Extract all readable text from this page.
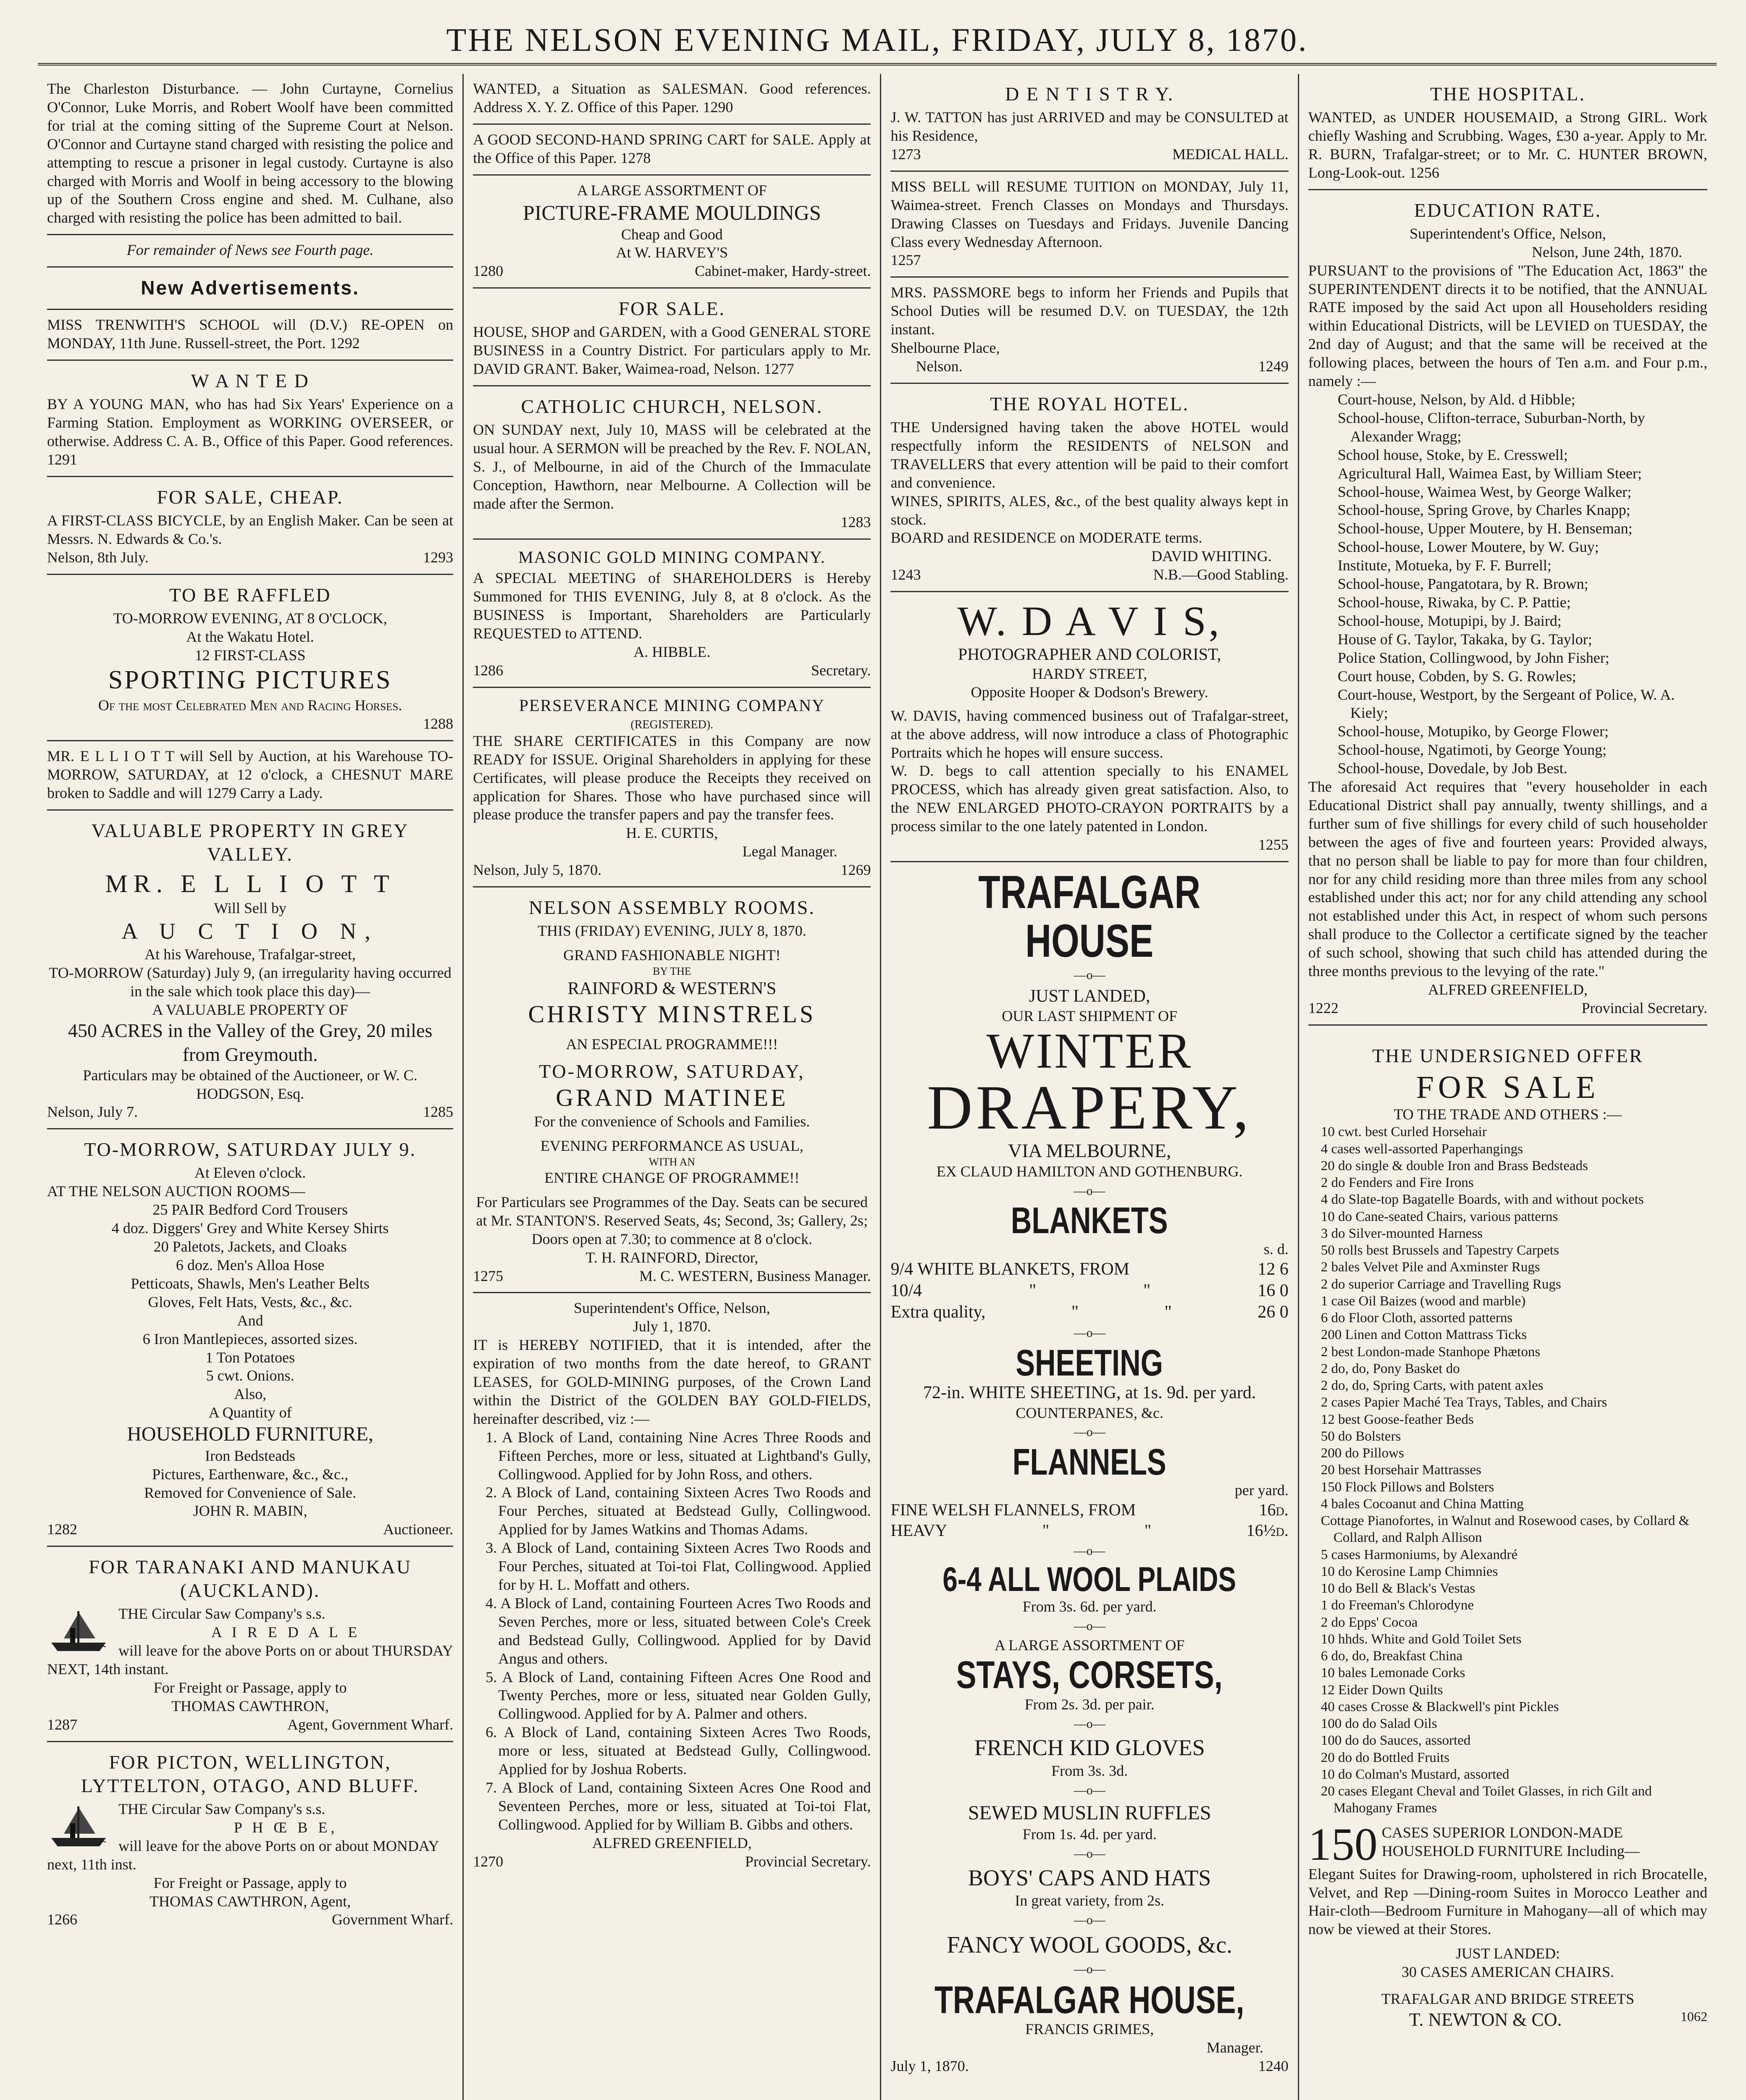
THE NELSON EVENING MAIL, FRIDAY, JULY 8, 1870.
The Charleston Disturbance. — John Curtayne, Cornelius O'Connor, Luke Morris, and Robert Woolf have been committed for trial at the coming sitting of the Supreme Court at Nelson. O'Connor and Curtayne stand charged with resisting the police and attempting to rescue a prisoner in legal custody. Curtayne is also charged with Morris and Woolf in being accessory to the blowing up of the Southern Cross engine and shed. M. Culhane, also charged with resisting the police has been admitted to bail.
For remainder of News see Fourth page.
New Advertisements.
MISS TRENWITH'S SCHOOL will (D.V.) RE-OPEN on MONDAY, 11th June. Russell-street, the Port. 1292
W A N T E D
BY A YOUNG MAN, who has had Six Years' Experience on a Farming Station. Employment as WORKING OVERSEER, or otherwise. Address C. A. B., Office of this Paper. Good references. 1291
FOR SALE, CHEAP.
A FIRST-CLASS BICYCLE, by an English Maker. Can be seen at Messrs. N. Edwards & Co.'s.
Nelson, 8th July.	1293
TO BE RAFFLED
TO-MORROW EVENING, AT 8 O'CLOCK,
At the Wakatu Hotel.
12 FIRST-CLASS
SPORTING PICTURES
Of the most Celebrated Men and Racing Horses.
1288
MR. E L L I O T T will Sell by Auction, at his Warehouse TO-MORROW, SATURDAY, at 12 o'clock, a CHESNUT MARE broken to Saddle and will 1279 Carry a Lady.
VALUABLE PROPERTY IN GREY VALLEY.
MR. E L L I O T T
Will Sell by
A U C T I O N,
At his Warehouse, Trafalgar-street,
TO-MORROW (Saturday) July 9, (an irregularity having occurred in the sale which took place this day)—
A VALUABLE PROPERTY OF
450 ACRES in the Valley of the Grey, 20 miles from Greymouth.
Particulars may be obtained of the Auctioneer, or W. C. HODGSON, Esq.
Nelson, July 7.	1285
TO-MORROW, SATURDAY JULY 9.
At Eleven o'clock.
AT THE NELSON AUCTION ROOMS—
25 PAIR Bedford Cord Trousers
4 doz. Diggers' Grey and White Kersey Shirts
20 Paletots, Jackets, and Cloaks
6 doz. Men's Alloa Hose
Petticoats, Shawls, Men's Leather Belts
Gloves, Felt Hats, Vests, &c., &c.
And
6 Iron Mantlepieces, assorted sizes.
1 Ton Potatoes
5 cwt. Onions.
Also,
A Quantity of
HOUSEHOLD FURNITURE,
Iron Bedsteads
Pictures, Earthenware, &c., &c.,
Removed for Convenience of Sale.
JOHN R. MABIN,
1282	Auctioneer.
FOR TARANAKI AND MANUKAU (AUCKLAND).
THE Circular Saw Company's s.s.
A I R E D A L E
will leave for the above Ports on or about THURSDAY NEXT, 14th instant.
For Freight or Passage, apply to
THOMAS CAWTHRON,
1287	Agent, Government Wharf.
FOR PICTON, WELLINGTON, LYTTELTON, OTAGO, AND BLUFF.
THE Circular Saw Company's s.s.
P H Œ B E,
will leave for the above Ports on or about MONDAY next, 11th inst.
For Freight or Passage, apply to
THOMAS CAWTHRON, Agent,
1266	Government Wharf.
WANTED, a Situation as SALESMAN. Good references. Address X. Y. Z. Office of this Paper. 1290
A GOOD SECOND-HAND SPRING CART for SALE. Apply at the Office of this Paper. 1278
A LARGE ASSORTMENT OF
PICTURE-FRAME MOULDINGS
Cheap and Good
At W. HARVEY'S
1280	Cabinet-maker, Hardy-street.
FOR SALE.
HOUSE, SHOP and GARDEN, with a Good GENERAL STORE BUSINESS in a Country District. For particulars apply to Mr. DAVID GRANT. Baker, Waimea-road, Nelson. 1277
CATHOLIC CHURCH, NELSON.
ON SUNDAY next, July 10, MASS will be celebrated at the usual hour. A SERMON will be preached by the Rev. F. NOLAN, S. J., of Melbourne, in aid of the Church of the Immaculate Conception, Hawthorn, near Melbourne. A Collection will be made after the Sermon.
1283
MASONIC GOLD MINING COMPANY.
A SPECIAL MEETING of SHAREHOLDERS is Hereby Summoned for THIS EVENING, July 8, at 8 o'clock. As the BUSINESS is Important, Shareholders are Particularly REQUESTED to ATTEND.
A. HIBBLE.
1286	Secretary.
PERSEVERANCE MINING COMPANY
(REGISTERED).
THE SHARE CERTIFICATES in this Company are now READY for ISSUE. Original Shareholders in applying for these Certificates, will please produce the Receipts they received on application for Shares. Those who have purchased since will please produce the transfer papers and pay the transfer fees.
H. E. CURTIS,
Legal Manager.
Nelson, July 5, 1870.	1269
NELSON ASSEMBLY ROOMS.
THIS (FRIDAY) EVENING, JULY 8, 1870.
GRAND FASHIONABLE NIGHT!
BY THE
RAINFORD & WESTERN'S
CHRISTY MINSTRELS
AN ESPECIAL PROGRAMME!!!
TO-MORROW, SATURDAY,
GRAND MATINEE
For the convenience of Schools and Families.
EVENING PERFORMANCE AS USUAL,
WITH AN
ENTIRE CHANGE OF PROGRAMME!!
For Particulars see Programmes of the Day. Seats can be secured at Mr. STANTON'S. Reserved Seats, 4s; Second, 3s; Gallery, 2s; Doors open at 7.30; to commence at 8 o'clock.
T. H. RAINFORD, Director,
1275	M. C. WESTERN, Business Manager.
Superintendent's Office, Nelson,
July 1, 1870.
IT is HEREBY NOTIFIED, that it is intended, after the expiration of two months from the date hereof, to GRANT LEASES, for GOLD-MINING purposes, of the Crown Land within the District of the GOLDEN BAY GOLD-FIELDS, hereinafter described, viz :—
1. A Block of Land, containing Nine Acres Three Roods and Fifteen Perches, more or less, situated at Lightband's Gully, Collingwood. Applied for by John Ross, and others.
2. A Block of Land, containing Sixteen Acres Two Roods and Four Perches, situated at Bedstead Gully, Collingwood. Applied for by James Watkins and Thomas Adams.
3. A Block of Land, containing Sixteen Acres Two Roods and Four Perches, situated at Toi-toi Flat, Collingwood. Applied for by H. L. Moffatt and others.
4. A Block of Land, containing Fourteen Acres Two Roods and Seven Perches, more or less, situated between Cole's Creek and Bedstead Gully, Collingwood. Applied for by David Angus and others.
5. A Block of Land, containing Fifteen Acres One Rood and Twenty Perches, more or less, situated near Golden Gully, Collingwood. Applied for by A. Palmer and others.
6. A Block of Land, containing Sixteen Acres Two Roods, more or less, situated at Bedstead Gully, Collingwood. Applied for by Joshua Roberts.
7. A Block of Land, containing Sixteen Acres One Rood and Seventeen Perches, more or less, situated at Toi-toi Flat, Collingwood. Applied for by William B. Gibbs and others.
ALFRED GREENFIELD,
1270	Provincial Secretary.
D E N T I S T R Y.
J. W. TATTON has just ARRIVED and may be CONSULTED at his Residence,
1273	MEDICAL HALL.
MISS BELL will RESUME TUITION on MONDAY, July 11, Waimea-street. French Classes on Mondays and Thursdays. Drawing Classes on Tuesdays and Fridays. Juvenile Dancing Class every Wednesday Afternoon.
1257
MRS. PASSMORE begs to inform her Friends and Pupils that School Duties will be resumed D.V. on TUESDAY, the 12th instant.
Shelbourne Place,
Nelson.	1249
THE ROYAL HOTEL.
THE Undersigned having taken the above HOTEL would respectfully inform the RESIDENTS of NELSON and TRAVELLERS that every attention will be paid to their comfort and convenience.
WINES, SPIRITS, ALES, &c., of the best quality always kept in stock.
BOARD and RESIDENCE on MODERATE terms.
DAVID WHITING.
1243	N.B.—Good Stabling.
W. D A V I S,
PHOTOGRAPHER AND COLORIST,
HARDY STREET,
Opposite Hooper & Dodson's Brewery.
W. DAVIS, having commenced business out of Trafalgar-street, at the above address, will now introduce a class of Photographic Portraits which he hopes will ensure success.
W. D. begs to call attention specially to his ENAMEL PROCESS, which has already given great satisfaction. Also, to the NEW ENLARGED PHOTO-CRAYON PORTRAITS by a process similar to the one lately patented in London.
1255
TRAFALGAR HOUSE
—o—
JUST LANDED,
OUR LAST SHIPMENT OF
WINTER
DRAPERY,
VIA MELBOURNE,
EX CLAUD HAMILTON AND GOTHENBURG.
—o—
BLANKETS
s. d.
9/4 WHITE BLANKETS, FROM	12 6
10/4	"	"	16 0
Extra quality,	"	"	26 0
—o—
SHEETING
72-in. WHITE SHEETING, at 1s. 9d. per yard.
COUNTERPANES, &c.
—o—
FLANNELS
per yard.
FINE WELSH FLANNELS, FROM	16d.
HEAVY	"	"	16½d.
—o—
6-4 ALL WOOL PLAIDS
From 3s. 6d. per yard.
—o—
A LARGE ASSORTMENT OF
STAYS, CORSETS,
From 2s. 3d. per pair.
—o—
FRENCH KID GLOVES
From 3s. 3d.
—o—
SEWED MUSLIN RUFFLES
From 1s. 4d. per yard.
—o—
BOYS' CAPS AND HATS
In great variety, from 2s.
—o—
FANCY WOOL GOODS, &c.
—o—
TRAFALGAR HOUSE,
FRANCIS GRIMES,
Manager.
July 1, 1870.	1240
THE HOSPITAL.
WANTED, as UNDER HOUSEMAID, a Strong GIRL. Work chiefly Washing and Scrubbing. Wages, £30 a-year. Apply to Mr. R. BURN, Trafalgar-street; or to Mr. C. HUNTER BROWN, Long-Look-out. 1256
EDUCATION RATE.
Superintendent's Office, Nelson,
Nelson, June 24th, 1870.
PURSUANT to the provisions of "The Education Act, 1863" the SUPERINTENDENT directs it to be notified, that the ANNUAL RATE imposed by the said Act upon all Householders residing within Educational Districts, will be LEVIED on TUESDAY, the 2nd day of August; and that the same will be received at the following places, between the hours of Ten a.m. and Four p.m., namely :—
Court-house, Nelson, by Ald. d Hibble;
School-house, Clifton-terrace, Suburban-North, by Alexander Wragg;
School house, Stoke, by E. Cresswell;
Agricultural Hall, Waimea East, by William Steer;
School-house, Waimea West, by George Walker;
School-house, Spring Grove, by Charles Knapp;
School-house, Upper Moutere, by H. Benseman;
School-house, Lower Moutere, by W. Guy;
Institute, Motueka, by F. F. Burrell;
School-house, Pangatotara, by R. Brown;
School-house, Riwaka, by C. P. Pattie;
School-house, Motupipi, by J. Baird;
House of G. Taylor, Takaka, by G. Taylor;
Police Station, Collingwood, by John Fisher;
Court house, Cobden, by S. G. Rowles;
Court-house, Westport, by the Sergeant of Police, W. A. Kiely;
School-house, Motupiko, by George Flower;
School-house, Ngatimoti, by George Young;
School-house, Dovedale, by Job Best.
The aforesaid Act requires that "every householder in each Educational District shall pay annually, twenty shillings, and a further sum of five shillings for every child of such householder between the ages of five and fourteen years: Provided always, that no person shall be liable to pay for more than four children, nor for any child residing more than three miles from any school established under this act; nor for any child attending any school not established under this Act, in respect of whom such persons shall produce to the Collector a certificate signed by the teacher of such school, showing that such child has attended during the three months previous to the levying of the rate."
ALFRED GREENFIELD,
1222	Provincial Secretary.
THE UNDERSIGNED OFFER
FOR SALE
TO THE TRADE AND OTHERS :—
10 cwt. best Curled Horsehair
4 cases well-assorted Paperhangings
20 do single & double Iron and Brass Bedsteads
2 do Fenders and Fire Irons
4 do Slate-top Bagatelle Boards, with and without pockets
10 do Cane-seated Chairs, various patterns
3 do Silver-mounted Harness
50 rolls best Brussels and Tapestry Carpets
2 bales Velvet Pile and Axminster Rugs
2 do superior Carriage and Travelling Rugs
1 case Oil Baizes (wood and marble)
6 do Floor Cloth, assorted patterns
200 Linen and Cotton Mattrass Ticks
2 best London-made Stanhope Phætons
2 do, do, Pony Basket do
2 do, do, Spring Carts, with patent axles
2 cases Papier Maché Tea Trays, Tables, and Chairs
12 best Goose-feather Beds
50 do Bolsters
200 do Pillows
20 best Horsehair Mattrasses
150 Flock Pillows and Bolsters
4 bales Cocoanut and China Matting
Cottage Pianofortes, in Walnut and Rosewood cases, by Collard & Collard, and Ralph Allison
5 cases Harmoniums, by Alexandré
10 do Kerosine Lamp Chimnies
10 do Bell & Black's Vestas
1 do Freeman's Chlorodyne
2 do Epps' Cocoa
10 hhds. White and Gold Toilet Sets
6 do, do, Breakfast China
10 bales Lemonade Corks
12 Eider Down Quilts
40 cases Crosse & Blackwell's pint Pickles
100 do do Salad Oils
100 do do Sauces, assorted
20 do do Bottled Fruits
10 do Colman's Mustard, assorted
20 cases Elegant Cheval and Toilet Glasses, in rich Gilt and Mahogany Frames
150 CASES SUPERIOR LONDON-MADE HOUSEHOLD FURNITURE Including—
Elegant Suites for Drawing-room, upholstered in rich Brocatelle, Velvet, and Rep —Dining-room Suites in Morocco Leather and Hair-cloth—Bedroom Furniture in Mahogany—all of which may now be viewed at their Stores.
JUST LANDED:
30 CASES AMERICAN CHAIRS.
TRAFALGAR AND BRIDGE STREETS
T. NEWTON & CO.	1062
